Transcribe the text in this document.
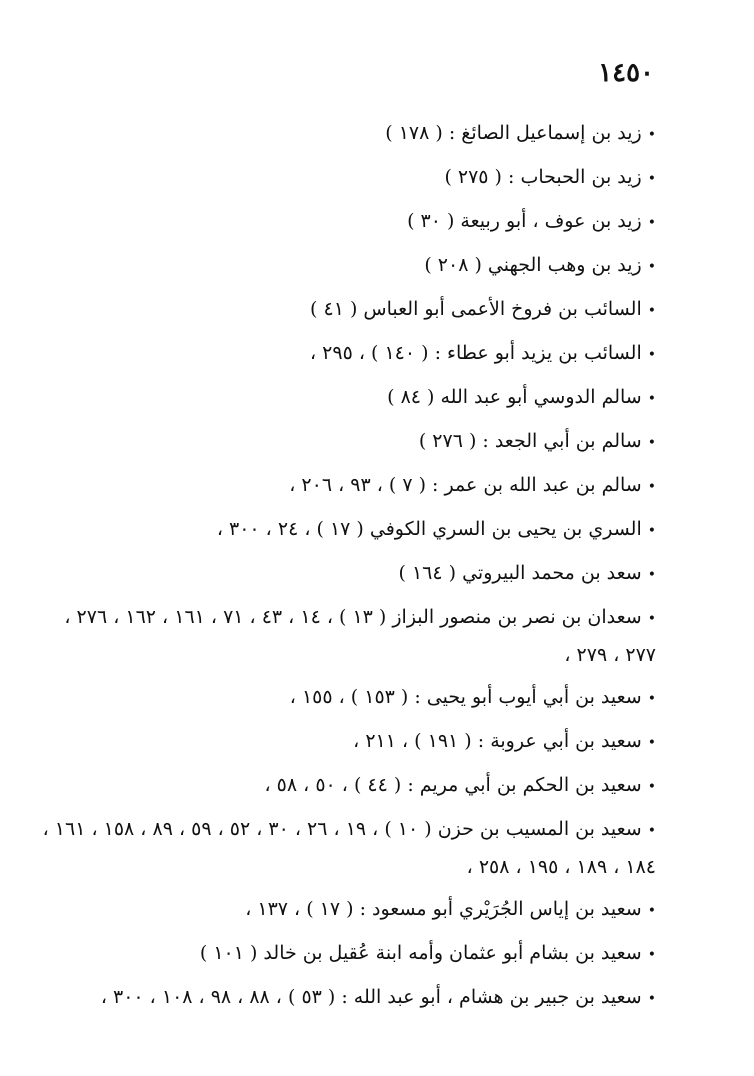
١٤٥٠
•زيد بن إسماعيل الصائغ : ( ١٧٨ )
•زيد بن الحبحاب : ( ٢٧٥ )
•زيد بن عوف ، أبو ربيعة ( ٣٠ )
•زيد بن وهب الجهني ( ٢٠٨ )
•السائب بن فروخ الأعمى أبو العباس ( ٤١ )
•السائب بن يزيد أبو عطاء : ( ١٤٠ ) ، ٢٩٥ ،
•سالم الدوسي أبو عبد الله ( ٨٤ )
•سالم بن أبي الجعد : ( ٢٧٦ )
•سالم بن عبد الله بن عمر : ( ٧ ) ، ٩٣ ، ٢٠٦ ،
•السري بن يحيى بن السري الكوفي ( ١٧ ) ، ٢٤ ، ٣٠٠ ،
•سعد بن محمد البيروتي ( ١٦٤ )
•سعدان بن نصر بن منصور البزاز ( ١٣ ) ، ١٤ ، ٤٣ ، ٧١ ، ١٦١ ، ١٦٢ ، ٢٧٦ ، ٢٧٧ ، ٢٧٩ ،
•سعيد بن أبي أيوب أبو يحيى : ( ١٥٣ ) ، ١٥٥ ،
•سعيد بن أبي عروبة : ( ١٩١ ) ، ٢١١ ،
•سعيد بن الحكم بن أبي مريم : ( ٤٤ ) ، ٥٠ ، ٥٨ ،
•سعيد بن المسيب بن حزن ( ١٠ ) ، ١٩ ، ٢٦ ، ٣٠ ، ٥٢ ، ٥٩ ، ٨٩ ، ١٥٨ ، ١٦١ ، ١٨٤ ، ١٨٩ ، ١٩٥ ، ٢٥٨ ،
•سعيد بن إياس الجُرَيْري أبو مسعود : ( ١٧ ) ، ١٣٧ ،
•سعيد بن بشام أبو عثمان وأمه ابنة عُقيل بن خالد ( ١٠١ )
•سعيد بن جبير بن هشام ، أبو عبد الله : ( ٥٣ ) ، ٨٨ ، ٩٨ ، ١٠٨ ، ٣٠٠ ،
